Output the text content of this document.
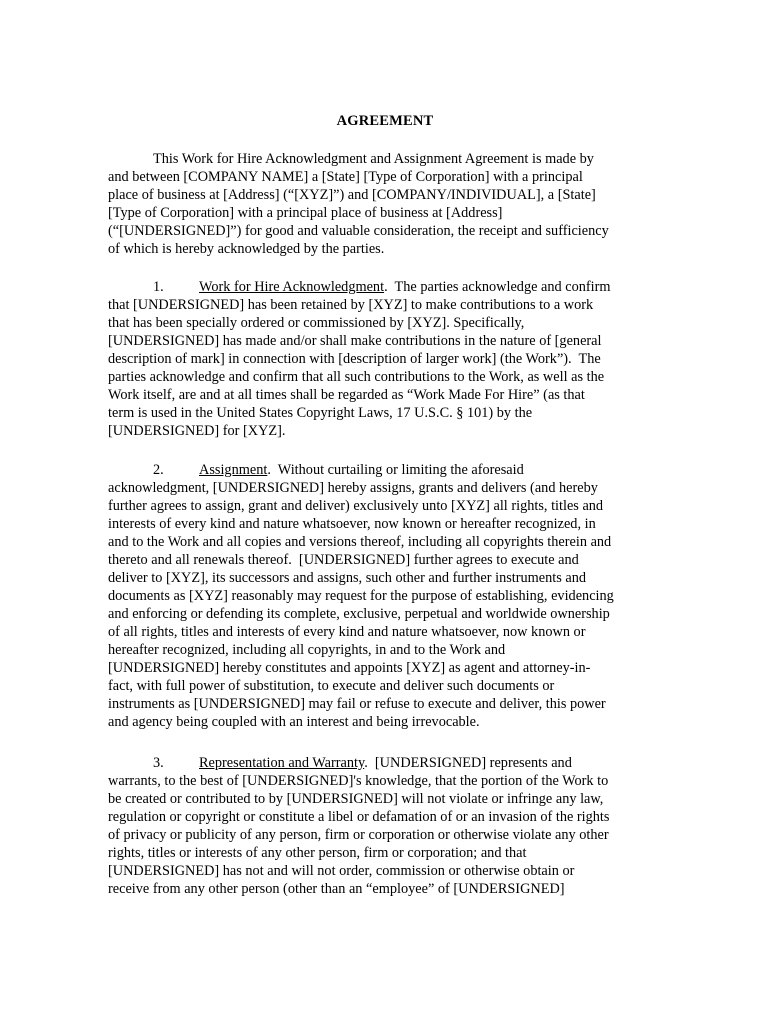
AGREEMENT
This Work for Hire Acknowledgment and Assignment Agreement is made by
and between [COMPANY NAME] a [State] [Type of Corporation] with a principal
place of business at [Address] (“[XYZ]”) and [COMPANY/INDIVIDUAL], a [State]
[Type of Corporation] with a principal place of business at [Address]
(“[UNDERSIGNED]”) for good and valuable consideration, the receipt and sufficiency
of which is hereby acknowledged by the parties.
1. Work for Hire Acknowledgment.  The parties acknowledge and confirm
that [UNDERSIGNED] has been retained by [XYZ] to make contributions to a work
that has been specially ordered or commissioned by [XYZ]. Specifically,
[UNDERSIGNED] has made and/or shall make contributions in the nature of [general
description of mark] in connection with [description of larger work] (the Work”).  The
parties acknowledge and confirm that all such contributions to the Work, as well as the
Work itself, are and at all times shall be regarded as “Work Made For Hire” (as that
term is used in the United States Copyright Laws, 17 U.S.C. § 101) by the
[UNDERSIGNED] for [XYZ].
2. Assignment.  Without curtailing or limiting the aforesaid
acknowledgment, [UNDERSIGNED] hereby assigns, grants and delivers (and hereby
further agrees to assign, grant and deliver) exclusively unto [XYZ] all rights, titles and
interests of every kind and nature whatsoever, now known or hereafter recognized, in
and to the Work and all copies and versions thereof, including all copyrights therein and
thereto and all renewals thereof.  [UNDERSIGNED] further agrees to execute and
deliver to [XYZ], its successors and assigns, such other and further instruments and
documents as [XYZ] reasonably may request for the purpose of establishing, evidencing
and enforcing or defending its complete, exclusive, perpetual and worldwide ownership
of all rights, titles and interests of every kind and nature whatsoever, now known or
hereafter recognized, including all copyrights, in and to the Work and
[UNDERSIGNED] hereby constitutes and appoints [XYZ] as agent and attorney-in-
fact, with full power of substitution, to execute and deliver such documents or
instruments as [UNDERSIGNED] may fail or refuse to execute and deliver, this power
and agency being coupled with an interest and being irrevocable.
3. Representation and Warranty.  [UNDERSIGNED] represents and
warrants, to the best of [UNDERSIGNED]'s knowledge, that the portion of the Work to
be created or contributed to by [UNDERSIGNED] will not violate or infringe any law,
regulation or copyright or constitute a libel or defamation of or an invasion of the rights
of privacy or publicity of any person, firm or corporation or otherwise violate any other
rights, titles or interests of any other person, firm or corporation; and that
[UNDERSIGNED] has not and will not order, commission or otherwise obtain or
receive from any other person (other than an “employee” of [UNDERSIGNED]
